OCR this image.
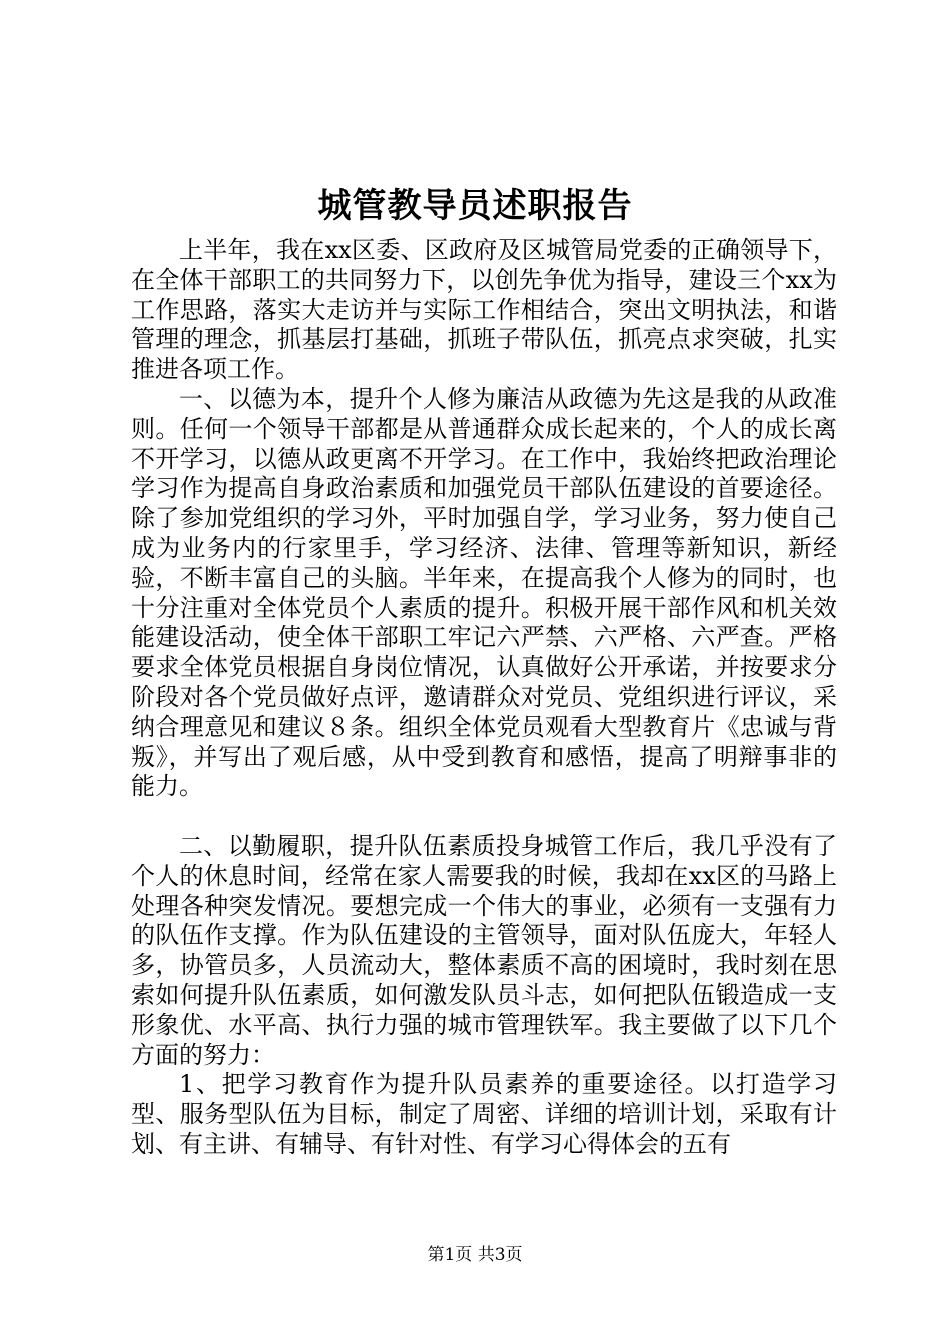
城管教导员述职报告

上半年，我在xx区委、区政府及区城管局党委的正确领导下，在全体干部职工的共同努力下，以创先争优为指导，建设三个xx为工作思路，落实大走访并与实际工作相结合，突出文明执法，和谐管理的理念，抓基层打基础，抓班子带队伍，抓亮点求突破，扎实推进各项工作。

一、以德为本，提升个人修为廉洁从政德为先这是我的从政准则。任何一个领导干部都是从普通群众成长起来的，个人的成长离不开学习，以德从政更离不开学习。在工作中，我始终把政治理论学习作为提高自身政治素质和加强党员干部队伍建设的首要途径。除了参加党组织的学习外，平时加强自学，学习业务，努力使自己成为业务内的行家里手，学习经济、法律、管理等新知识，新经验，不断丰富自己的头脑。半年来，在提高我个人修为的同时，也十分注重对全体党员个人素质的提升。积极开展干部作风和机关效能建设活动，使全体干部职工牢记六严禁、六严格、六严查。严格要求全体党员根据自身岗位情况，认真做好公开承诺，并按要求分阶段对各个党员做好点评，邀请群众对党员、党组织进行评议，采纳合理意见和建议８条。组织全体党员观看大型教育片《忠诚与背叛》，并写出了观后感，从中受到教育和感悟，提高了明辩事非的能力。

二、以勤履职，提升队伍素质投身城管工作后，我几乎没有了个人的休息时间，经常在家人需要我的时候，我却在xx区的马路上处理各种突发情况。要想完成一个伟大的事业，必须有一支强有力的队伍作支撑。作为队伍建设的主管领导，面对队伍庞大，年轻人多，协管员多，人员流动大，整体素质不高的困境时，我时刻在思索如何提升队伍素质，如何激发队员斗志，如何把队伍锻造成一支形象优、水平高、执行力强的城市管理铁军。我主要做了以下几个方面的努力：

1、把学习教育作为提升队员素养的重要途径。以打造学习型、服务型队伍为目标，制定了周密、详细的培训计划，采取有计划、有主讲、有辅导、有针对性、有学习心得体会的五有

第1页 共3页
